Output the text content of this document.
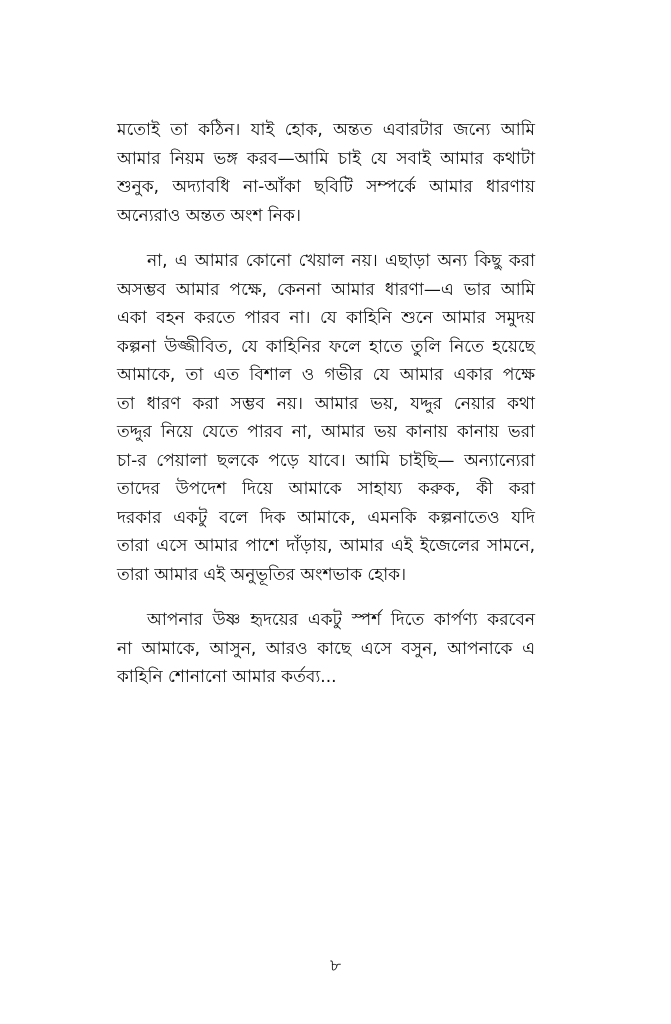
মতোই তা কঠিন। যাই হোক, অন্তত এবারটার জন্যে আমি
আমার নিয়ম ভঙ্গ করব—আমি চাই যে সবাই আমার কথাটা
শুনুক, অদ্যাবধি না-আঁকা ছবিটি সম্পর্কে আমার ধারণায়
অন্যেরাও অন্তত অংশ নিক।
না, এ আমার কোনো খেয়াল নয়। এছাড়া অন্য কিছু করা
অসম্ভব আমার পক্ষে, কেননা আমার ধারণা—এ ভার আমি
একা বহন করতে পারব না। যে কাহিনি শুনে আমার সমুদয়
কল্পনা উজ্জীবিত, যে কাহিনির ফলে হাতে তুলি নিতে হয়েছে
আমাকে, তা এত বিশাল ও গভীর যে আমার একার পক্ষে
তা ধারণ করা সম্ভব নয়। আমার ভয়, যদ্দুর নেয়ার কথা
তদ্দুর নিয়ে যেতে পারব না, আমার ভয় কানায় কানায় ভরা
চা-র পেয়ালা ছলকে পড়ে যাবে। আমি চাইছি— অন্যান্যেরা
তাদের উপদেশ দিয়ে আমাকে সাহায্য করুক, কী করা
দরকার একটু বলে দিক আমাকে, এমনকি কল্পনাতেও যদি
তারা এসে আমার পাশে দাঁড়ায়, আমার এই ইজেলের সামনে,
তারা আমার এই অনুভূতির অংশভাক হোক।
আপনার উষ্ণ হৃদয়ের একটু স্পর্শ দিতে কার্পণ্য করবেন
না আমাকে, আসুন, আরও কাছে এসে বসুন, আপনাকে এ
কাহিনি শোনানো আমার কর্তব্য...
৮
